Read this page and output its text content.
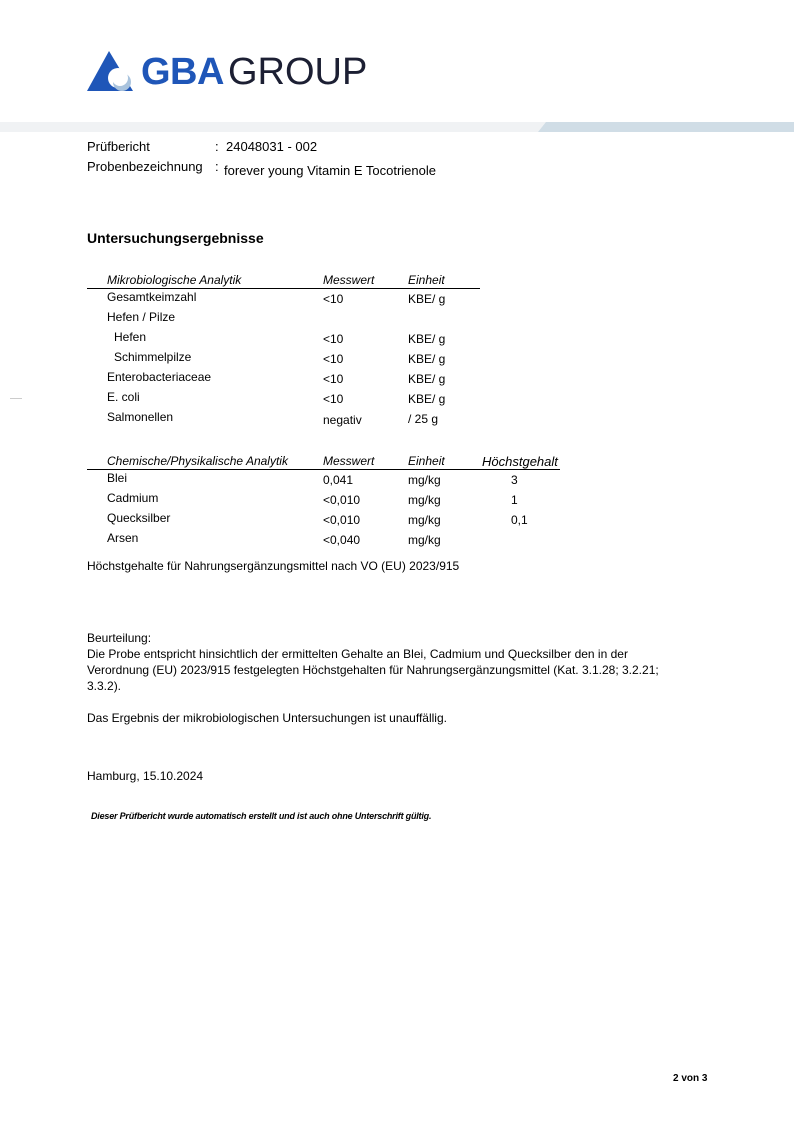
GBA GROUP
Prüfbericht	: 24048031 - 002
Probenbezeichnung : forever young Vitamin E Tocotrienole
Untersuchungsergebnisse
Mikrobiologische Analytik	Messwert	Einheit
Gesamtkeimzahl	<10	KBE/ g
Hefen / Pilze
Hefen	<10	KBE/ g
Schimmelpilze	<10	KBE/ g
Enterobacteriaceae	<10	KBE/ g
E. coli	<10	KBE/ g
Salmonellen	negativ	/ 25 g
Chemische/Physikalische Analytik	Messwert	Einheit	Höchstgehalt
Blei	0,041	mg/kg	3
Cadmium	<0,010	mg/kg	1
Quecksilber	<0,010	mg/kg	0,1
Arsen	<0,040	mg/kg
Höchstgehalte für Nahrungsergänzungsmittel nach VO (EU) 2023/915
Beurteilung:
Die Probe entspricht hinsichtlich der ermittelten Gehalte an Blei, Cadmium und Quecksilber den in der
Verordnung (EU) 2023/915 festgelegten Höchstgehalten für Nahrungsergänzungsmittel (Kat. 3.1.28; 3.2.21;
3.3.2).
Das Ergebnis der mikrobiologischen Untersuchungen ist unauffällig.
Hamburg, 15.10.2024
Dieser Prüfbericht wurde automatisch erstellt und ist auch ohne Unterschrift gültig.
2 von 3
